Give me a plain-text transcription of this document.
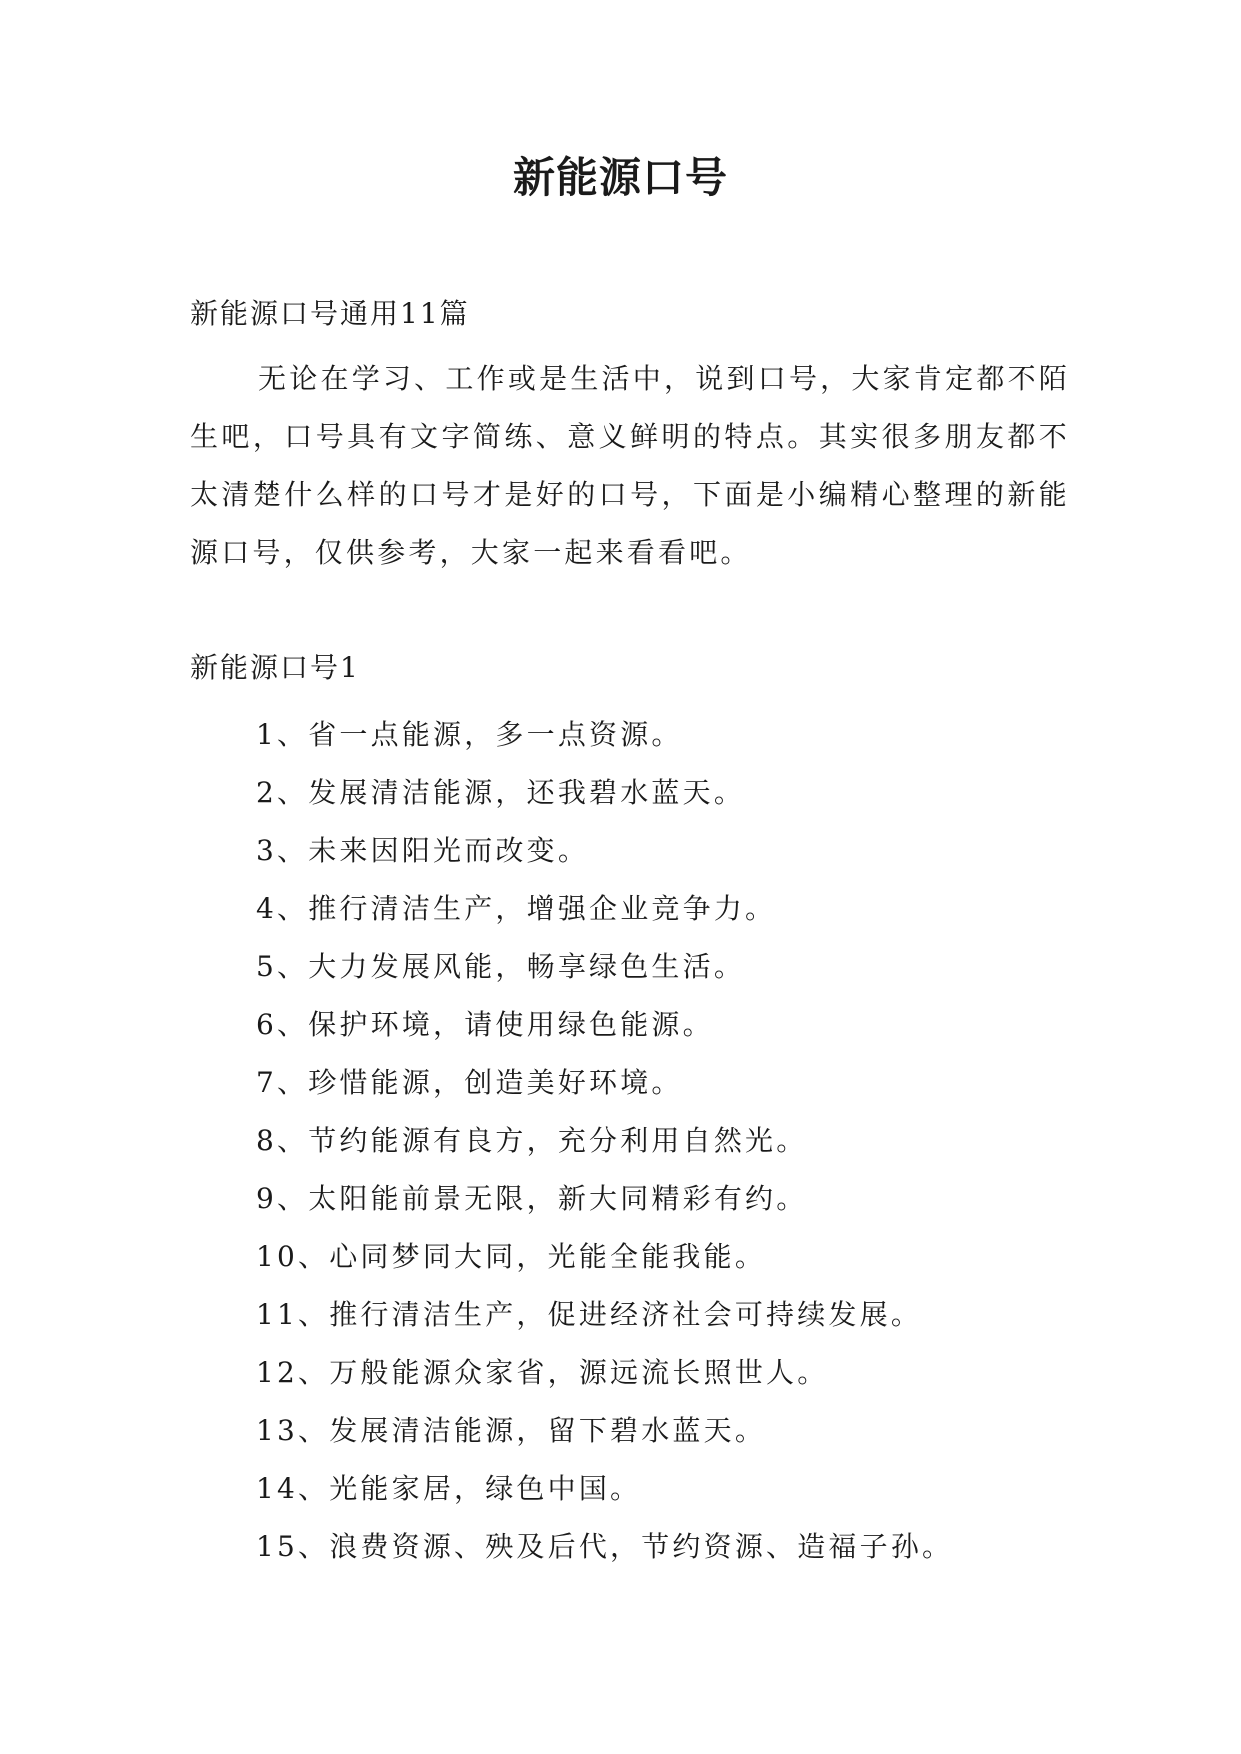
新能源口号
新能源口号通用11篇

无论在学习、工作或是生活中，说到口号，大家肯定都不陌生吧，口号具有文字简练、意义鲜明的特点。其实很多朋友都不太清楚什么样的口号才是好的口号，下面是小编精心整理的新能源口号，仅供参考，大家一起来看看吧。

新能源口号1
1、省一点能源，多一点资源。
2、发展清洁能源，还我碧水蓝天。
3、未来因阳光而改变。
4、推行清洁生产，增强企业竞争力。
5、大力发展风能，畅享绿色生活。
6、保护环境，请使用绿色能源。
7、珍惜能源，创造美好环境。
8、节约能源有良方，充分利用自然光。
9、太阳能前景无限，新大同精彩有约。
10、心同梦同大同，光能全能我能。
11、推行清洁生产，促进经济社会可持续发展。
12、万般能源众家省，源远流长照世人。
13、发展清洁能源，留下碧水蓝天。
14、光能家居，绿色中国。
15、浪费资源、殃及后代，节约资源、造福子孙。
